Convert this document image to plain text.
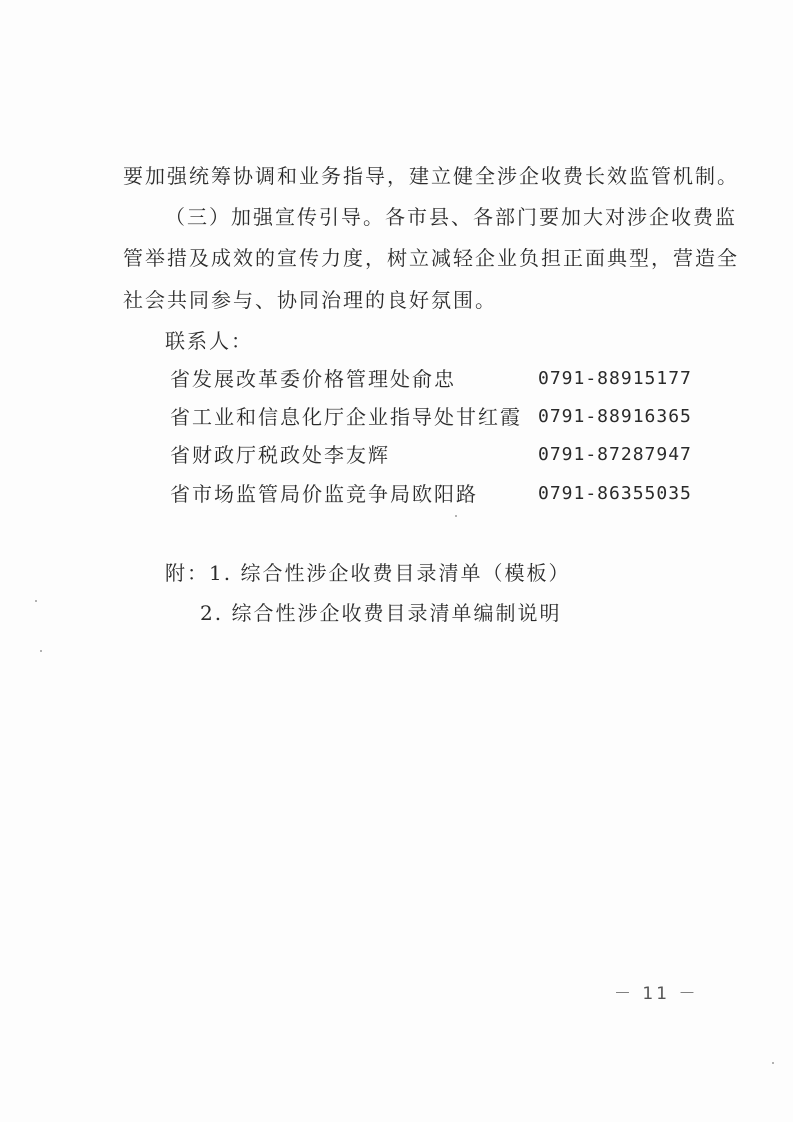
要加强统筹协调和业务指导，建立健全涉企收费长效监管机制。
（三）加强宣传引导。各市县、各部门要加大对涉企收费监
管举措及成效的宣传力度，树立减轻企业负担正面典型，营造全
社会共同参与、协同治理的良好氛围。
联系人：
省发展改革委价格管理处俞忠	0791-88915177
省工业和信息化厅企业指导处甘红霞 0791-88916365
省财政厅税政处李友辉	0791-87287947
省市场监管局价监竞争局欧阳路	0791-86355035
附：1. 综合性涉企收费目录清单（模板）
2. 综合性涉企收费目录清单编制说明
－ 11 －
